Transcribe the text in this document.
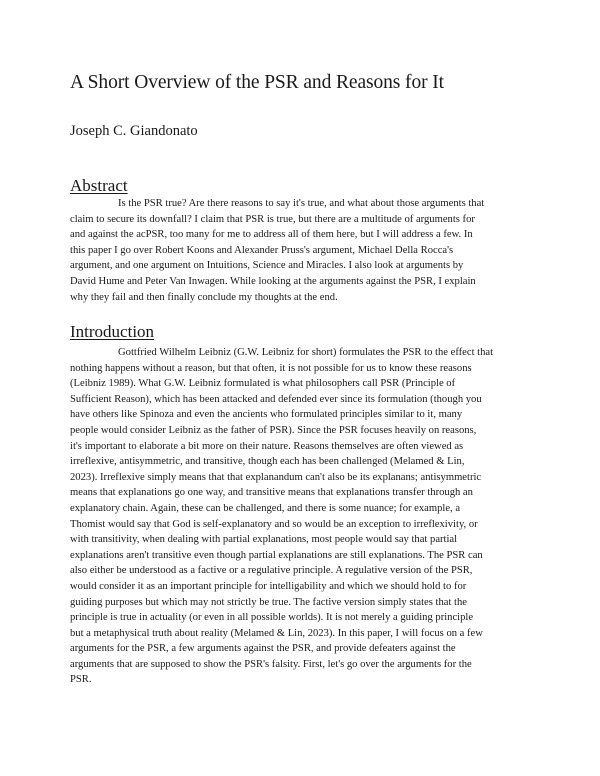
A Short Overview of the PSR and Reasons for It

Joseph C. Giandonato

Abstract
Is the PSR true? Are there reasons to say it's true, and what about those arguments that
claim to secure its downfall? I claim that PSR is true, but there are a multitude of arguments for
and against the acPSR, too many for me to address all of them here, but I will address a few. In
this paper I go over Robert Koons and Alexander Pruss's argument, Michael Della Rocca's
argument, and one argument on Intuitions, Science and Miracles. I also look at arguments by
David Hume and Peter Van Inwagen. While looking at the arguments against the PSR, I explain
why they fail and then finally conclude my thoughts at the end.
Introduction
Gottfried Wilhelm Leibniz (G.W. Leibniz for short) formulates the PSR to the effect that
nothing happens without a reason, but that often, it is not possible for us to know these reasons
(Leibniz 1989). What G.W. Leibniz formulated is what philosophers call PSR (Principle of
Sufficient Reason), which has been attacked and defended ever since its formulation (though you
have others like Spinoza and even the ancients who formulated principles similar to it, many
people would consider Leibniz as the father of PSR). Since the PSR focuses heavily on reasons,
it's important to elaborate a bit more on their nature. Reasons themselves are often viewed as
irreflexive, antisymmetric, and transitive, though each has been challenged (Melamed & Lin,
2023). Irreflexive simply means that that explanandum can't also be its explanans; antisymmetric
means that explanations go one way, and transitive means that explanations transfer through an
explanatory chain. Again, these can be challenged, and there is some nuance; for example, a
Thomist would say that God is self-explanatory and so would be an exception to irreflexivity, or
with transitivity, when dealing with partial explanations, most people would say that partial
explanations aren't transitive even though partial explanations are still explanations. The PSR can
also either be understood as a factive or a regulative principle. A regulative version of the PSR,
would consider it as an important principle for intelligability and which we should hold to for
guiding purposes but which may not strictly be true. The factive version simply states that the
principle is true in actuality (or even in all possible worlds). It is not merely a guiding principle
but a metaphysical truth about reality (Melamed & Lin, 2023). In this paper, I will focus on a few
arguments for the PSR, a few arguments against the PSR, and provide defeaters against the
arguments that are supposed to show the PSR's falsity. First, let's go over the arguments for the
PSR.
